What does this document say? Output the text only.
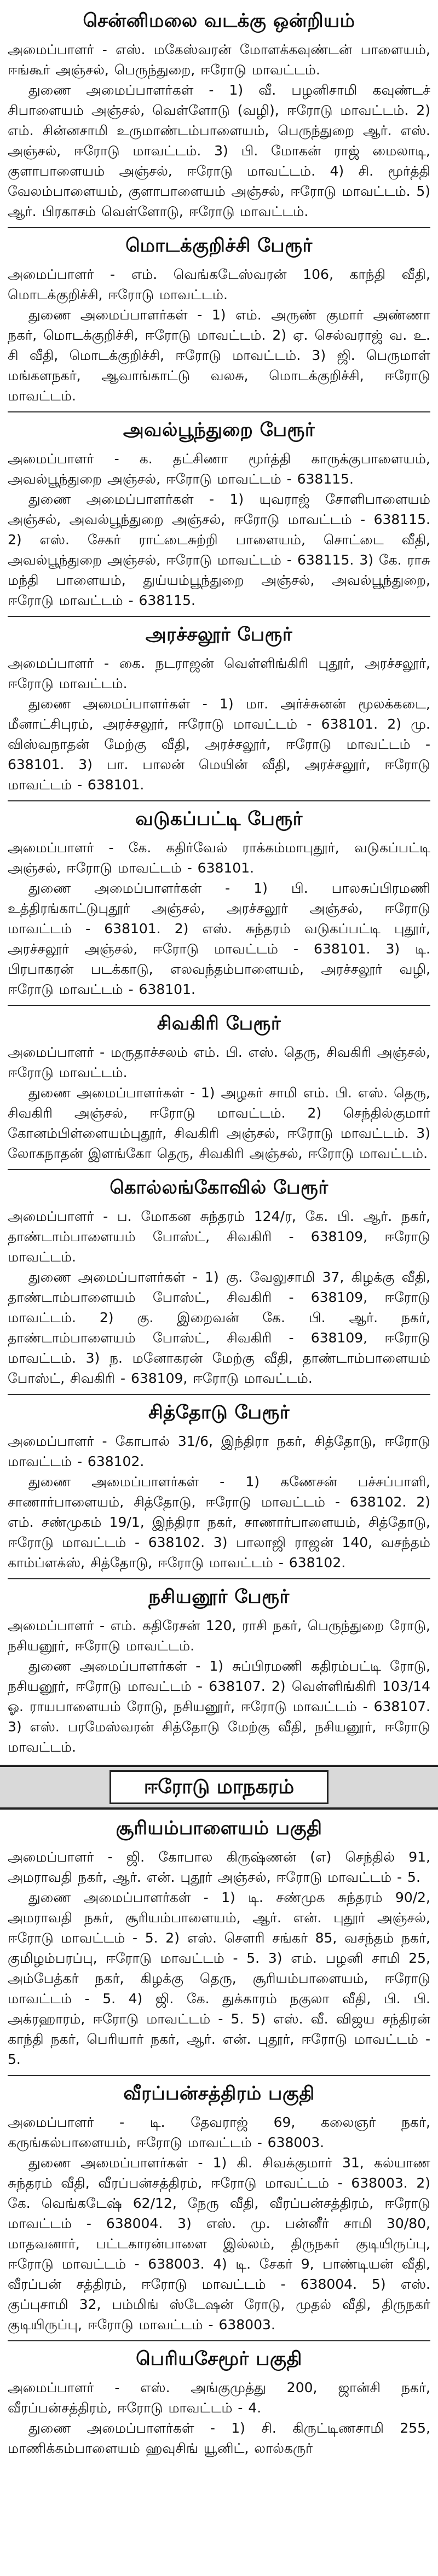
சென்னிமலை வடக்கு ஒன்றியம்

அமைப்பாளர் - எஸ். மகேஸ்வரன் மோளக்கவுண்டன் பாளையம், ஈங்கூர் அஞ்சல், பெருந்துறை, ஈரோடு மாவட்டம்.

துணை அமைப்பாளர்கள் - 1) வீ. பழனிசாமி கவுண்டச் சிபாளையம் அஞ்சல், வெள்ளோடு (வழி), ஈரோடு மாவட்டம். 2) எம். சின்னசாமி உருமாண்டம்பாளையம், பெருந்துறை ஆர். எஸ். அஞ்சல், ஈரோடு மாவட்டம். 3) பி. மோகன் ராஜ் மைலாடி, குளாபாளையம் அஞ்சல், ஈரோடு மாவட்டம். 4) சி. மூர்த்தி வேலம்பாளையம், குளாபாளையம் அஞ்சல், ஈரோடு மாவட்டம். 5) ஆர். பிரகாசம் வெள்ளோடு, ஈரோடு மாவட்டம்.

மொடக்குறிச்சி பேரூர்

அமைப்பாளர் - எம். வெங்கடேஸ்வரன் 106, காந்தி வீதி, மொடக்குறிச்சி, ஈரோடு மாவட்டம்.

துணை அமைப்பாளர்கள் - 1) எம். அருண் குமார் அண்ணா நகர், மொடக்குறிச்சி, ஈரோடு மாவட்டம். 2) ஏ. செல்வராஜ் வ. உ. சி வீதி, மொடக்குறிச்சி, ஈரோடு மாவட்டம். 3) ஜி. பெருமாள் மங்களநகர், ஆவாங்காட்டு வலசு, மொடக்குறிச்சி, ஈரோடு மாவட்டம்.

அவல்பூந்துறை பேரூர்

அமைப்பாளர் - க. தட்சிணா மூர்த்தி காருக்குபாளையம், அவல்பூந்துறை அஞ்சல், ஈரோடு மாவட்டம் - 638115.

துணை அமைப்பாளர்கள் - 1) யுவராஜ் சோளிபாளையம் அஞ்சல், அவல்பூந்துறை அஞ்சல், ஈரோடு மாவட்டம் - 638115. 2) எஸ். சேகர் ராட்டைசுற்றி பாளையம், சொட்டை வீதி, அவல்பூந்துறை அஞ்சல், ஈரோடு மாவட்டம் - 638115. 3) கே. ராசு மந்தி பாளையம், துய்யம்பூந்துறை அஞ்சல், அவல்பூந்துறை, ஈரோடு மாவட்டம் - 638115.

அரச்சலூர் பேரூர்

அமைப்பாளர் - கை. நடராஜன் வெள்ளிங்கிரி புதூர், அரச்சலூர், ஈரோடு மாவட்டம்.

துணை அமைப்பாளர்கள் - 1) மா. அர்ச்சுனன் மூலக்கடை, மீனாட்சிபுரம், அரச்சலூர், ஈரோடு மாவட்டம் - 638101. 2) மு. விஸ்வநாதன் மேற்கு வீதி, அரச்சலூர், ஈரோடு மாவட்டம் - 638101. 3) பா. பாலன் மெயின் வீதி, அரச்சலூர், ஈரோடு மாவட்டம் - 638101.

வடுகப்பட்டி பேரூர்

அமைப்பாளர் - கே. கதிர்வேல் ராக்கம்மாபுதூர், வடுகப்பட்டி அஞ்சல், ஈரோடு மாவட்டம் - 638101.

துணை அமைப்பாளர்கள் - 1) பி. பாலசுப்பிரமணி உத்திரங்காட்டுபுதூர் அஞ்சல், அரச்சலூர் அஞ்சல், ஈரோடு மாவட்டம் - 638101. 2) எஸ். சுந்தரம் வடுகப்பட்டி புதூர், அரச்சலூர் அஞ்சல், ஈரோடு மாவட்டம் - 638101. 3) டி. பிரபாகரன் படக்காடு, எலவந்தம்பாளையம், அரச்சலூர் வழி, ஈரோடு மாவட்டம் - 638101.

சிவகிரி பேரூர்

அமைப்பாளர் - மருதாச்சலம் எம். பி. எஸ். தெரு, சிவகிரி அஞ்சல், ஈரோடு மாவட்டம்.

துணை அமைப்பாளர்கள் - 1) அழகர் சாமி எம். பி. எஸ். தெரு, சிவகிரி அஞ்சல், ஈரோடு மாவட்டம். 2) செந்தில்குமார் கோனம்பிள்ளையம்புதூர், சிவகிரி அஞ்சல், ஈரோடு மாவட்டம். 3) லோகநாதன் இளங்கோ தெரு, சிவகிரி அஞ்சல், ஈரோடு மாவட்டம்.

கொல்லங்கோவில் பேரூர்

அமைப்பாளர் - ப. மோகன சுந்தரம் 124/ர, கே. பி. ஆர். நகர், தாண்டாம்பாளையம் போஸ்ட், சிவகிரி - 638109, ஈரோடு மாவட்டம்.

துணை அமைப்பாளர்கள் - 1) கு. வேலுசாமி 37, கிழக்கு வீதி, தாண்டாம்பாளையம் போஸ்ட், சிவகிரி - 638109, ஈரோடு மாவட்டம். 2) கு. இறைவன் கே. பி. ஆர். நகர், தாண்டாம்பாளையம் போஸ்ட், சிவகிரி - 638109, ஈரோடு மாவட்டம். 3) ந. மனோகரன் மேற்கு வீதி, தாண்டாம்பாளையம் போஸ்ட், சிவகிரி - 638109, ஈரோடு மாவட்டம்.

சித்தோடு பேரூர்

அமைப்பாளர் - கோபால் 31/6, இந்திரா நகர், சித்தோடு, ஈரோடு மாவட்டம் - 638102.

துணை அமைப்பாளர்கள் - 1) கணேசன் பச்சப்பாளி, சாணார்பாளையம், சித்தோடு, ஈரோடு மாவட்டம் - 638102. 2) எம். சண்முகம் 19/1, இந்திரா நகர், சாணார்பாளையம், சித்தோடு, ஈரோடு மாவட்டம் - 638102. 3) பாலாஜி ராஜன் 140, வசந்தம் காம்ப்ளக்ஸ், சித்தோடு, ஈரோடு மாவட்டம் - 638102.

நசியனூர் பேரூர்

அமைப்பாளர் - எம். கதிரேசன் 120, ராசி நகர், பெருந்துறை ரோடு, நசியனூர், ஈரோடு மாவட்டம்.

துணை அமைப்பாளர்கள் - 1) சுப்பிரமணி கதிரம்பட்டி ரோடு, நசியனூர், ஈரோடு மாவட்டம் - 638107. 2) வெள்ளிங்கிரி 103/14 ஓ. ராயபாளையம் ரோடு, நசியனூர், ஈரோடு மாவட்டம் - 638107. 3) எஸ். பரமேஸ்வரன் சித்தோடு மேற்கு வீதி, நசியனூர், ஈரோடு மாவட்டம்.

ஈரோடு மாநகரம்
சூரியம்பாளையம் பகுதி

அமைப்பாளர் - ஜி. கோபால கிருஷ்ணன் (எ) செந்தில் 91, அமராவதி நகர், ஆர். என். புதூர் அஞ்சல், ஈரோடு மாவட்டம் - 5.

துணை அமைப்பாளர்கள் - 1) டி. சண்முக சுந்தரம் 90/2, அமராவதி நகர், சூரியம்பாளையம், ஆர். என். புதூர் அஞ்சல், ஈரோடு மாவட்டம் - 5. 2) எஸ். சௌரி சங்கர் 85, வசந்தம் நகர், குமிழம்பரப்பு, ஈரோடு மாவட்டம் - 5. 3) எம். பழனி சாமி 25, அம்பேத்கர் நகர், கிழக்கு தெரு, சூரியம்பாளையம், ஈரோடு மாவட்டம் - 5. 4) ஜி. கே. துக்காரம் நகுலா வீதி, பி. பி. அக்ரஹாரம், ஈரோடு மாவட்டம் - 5. 5) எஸ். வீ. விஜய சந்திரன் காந்தி நகர், பெரியார் நகர், ஆர். என். புதூர், ஈரோடு மாவட்டம் - 5.

வீரப்பன்சத்திரம் பகுதி

அமைப்பாளர் - டி. தேவராஜ் 69, கலைஞர் நகர், கருங்கல்பாளையம், ஈரோடு மாவட்டம் - 638003.

துணை அமைப்பாளர்கள் - 1) கி. சிவக்குமார் 31, கல்யாண சுந்தரம் வீதி, வீரப்பன்சத்திரம், ஈரோடு மாவட்டம் - 638003. 2) கே. வெங்கடேஷ் 62/12, நேரு வீதி, வீரப்பன்சத்திரம், ஈரோடு மாவட்டம் - 638004. 3) எஸ். மு. பன்னீர் சாமி 30/80, மாதவனார், பட்டகாரன்பாளை இல்லம், திருநகர் குடியிருப்பு, ஈரோடு மாவட்டம் - 638003. 4) டி. சேகர் 9, பாண்டியன் வீதி, வீரப்பன் சத்திரம், ஈரோடு மாவட்டம் - 638004. 5) எஸ். குப்புசாமி 32, பம்மிங் ஸ்டேஷன் ரோடு, முதல் வீதி, திருநகர் குடியிருப்பு, ஈரோடு மாவட்டம் - 638003.

பெரியசேமூர் பகுதி

அமைப்பாளர் - எஸ். அங்குமுத்து 200, ஜான்சி நகர், வீரப்பன்சத்திரம், ஈரோடு மாவட்டம் - 4.

துணை அமைப்பாளர்கள் - 1) சி. கிருட்டிணசாமி 255, மாணிக்கம்பாளையம் ஹவுசிங் யூனிட், லால்கருர்
